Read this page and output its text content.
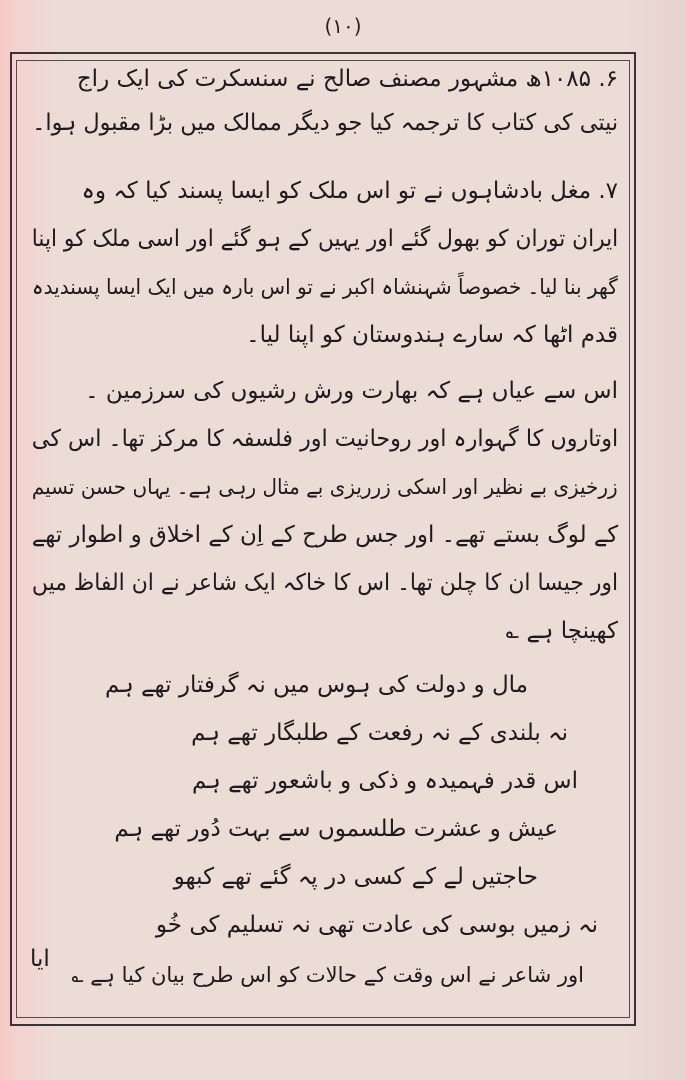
(۱۰)
۶. ۱۰۸۵ھ مشہور مصنف صالح نے سنسکرت کی ایک راج
نیتی کی کتاب کا ترجمہ کیا جو دیگر ممالک میں بڑا مقبول ہوا۔
۷. مغل بادشاہوں نے تو اس ملک کو ایسا پسند کیا کہ وہ
ایران توران کو بھول گئے اور یہیں کے ہو گئے اور اسی ملک کو اپنا
گھر بنا لیا۔ خصوصاً شہنشاہ اکبر نے تو اس بارہ میں ایک ایسا پسندیدہ
قدم اٹھا کہ سارے ہندوستان کو اپنا لیا۔
اس سے عیاں ہے کہ بھارت ورش رشیوں کی سرزمین ۔
اوتاروں کا گہوارہ اور روحانیت اور فلسفہ کا مرکز تھا۔ اس کی
زرخیزی بے نظیر اور اسکی زرریزی بے مثال رہی ہے۔ یہاں حسن تسیم
کے لوگ بستے تھے۔ اور جس طرح کے اِن کے اخلاق و اطوار تھے
اور جیسا ان کا چلن تھا۔ اس کا خاکہ ایک شاعر نے ان الفاظ میں
کھینچا ہے ؎
مال و دولت کی ہوس میں نہ گرفتار تھے ہم
نہ بلندی کے نہ رفعت کے طلبگار تھے ہم
اس قدر فہمیدہ و ذکی و باشعور تھے ہم
عیش و عشرت طلسموں سے بہت دُور تھے ہم
حاجتیں لے کے کسی در پہ گئے تھے کبھو
نہ زمیں بوسی کی عادت تھی نہ تسلیم کی خُو
اور شاعر نے اس وقت کے حالات کو اس طرح بیان کیا ہے ؎
ایا
